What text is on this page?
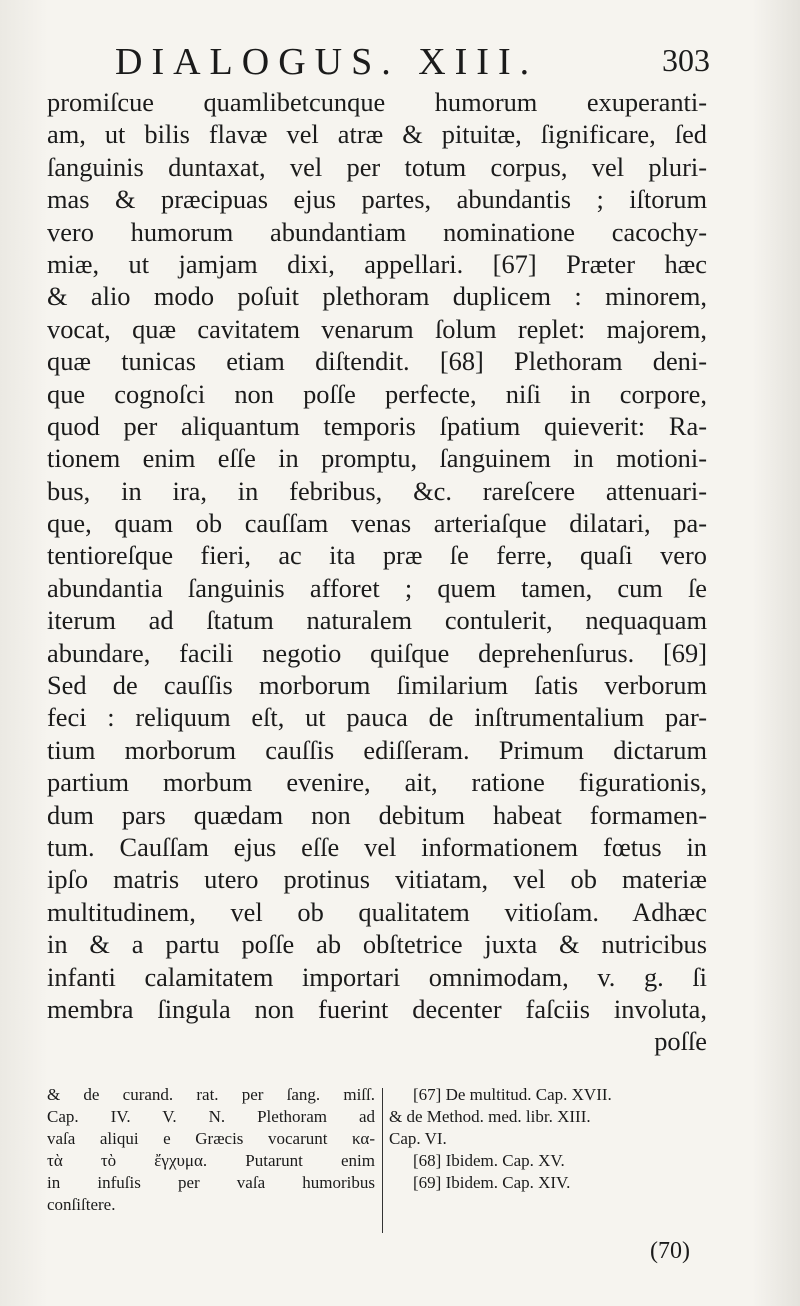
DIALOGUS. XIII.	303
promiſcue quamlibetcunque humorum exuperanti-
am, ut bilis flavæ vel atræ & pituitæ, ſignificare, ſed
ſanguinis duntaxat, vel per totum corpus, vel pluri-
mas & præcipuas ejus partes, abundantis ; iſtorum
vero humorum abundantiam nominatione cacochy-
miæ, ut jamjam dixi, appellari. [67] Præter hæc
& alio modo poſuit plethoram duplicem : minorem,
vocat, quæ cavitatem venarum ſolum replet: majorem,
quæ tunicas etiam diſtendit. [68] Plethoram deni-
que cognoſci non poſſe perfecte, niſi in corpore,
quod per aliquantum temporis ſpatium quieverit: Ra-
tionem enim eſſe in promptu, ſanguinem in motioni-
bus, in ira, in febribus, &c. rareſcere attenuari-
que, quam ob cauſſam venas arteriaſque dilatari, pa-
tentioreſque fieri, ac ita præ ſe ferre, quaſi vero
abundantia ſanguinis afforet ; quem tamen, cum ſe
iterum ad ſtatum naturalem contulerit, nequaquam
abundare, facili negotio quiſque deprehenſurus. [69]
Sed de cauſſis morborum ſimilarium ſatis verborum
feci : reliquum eſt, ut pauca de inſtrumentalium par-
tium morborum cauſſis ediſſeram. Primum dictarum
partium morbum evenire, ait, ratione figurationis,
dum pars quædam non debitum habeat formamen-
tum. Cauſſam ejus eſſe vel informationem fœtus in
ipſo matris utero protinus vitiatam, vel ob materiæ
multitudinem, vel ob qualitatem vitioſam. Adhæc
in & a partu poſſe ab obſtetrice juxta & nutricibus
infanti calamitatem importari omnimodam, v. g. ſi
membra ſingula non fuerint decenter faſciis involuta,
poſſe
& de curand. rat. per ſang. miſſ.
Cap. IV. V. N. Plethoram ad
vaſa aliqui e Græcis vocarunt κα-
τὰ τὸ ἔγχυμα. Putarunt enim
in infuſis per vaſa humoribus
conſiſtere.
[67] De multitud. Cap. XVII.
& de Method. med. libr. XIII.
Cap. VI.
[68] Ibidem. Cap. XV.
[69] Ibidem. Cap. XIV.
(70)
